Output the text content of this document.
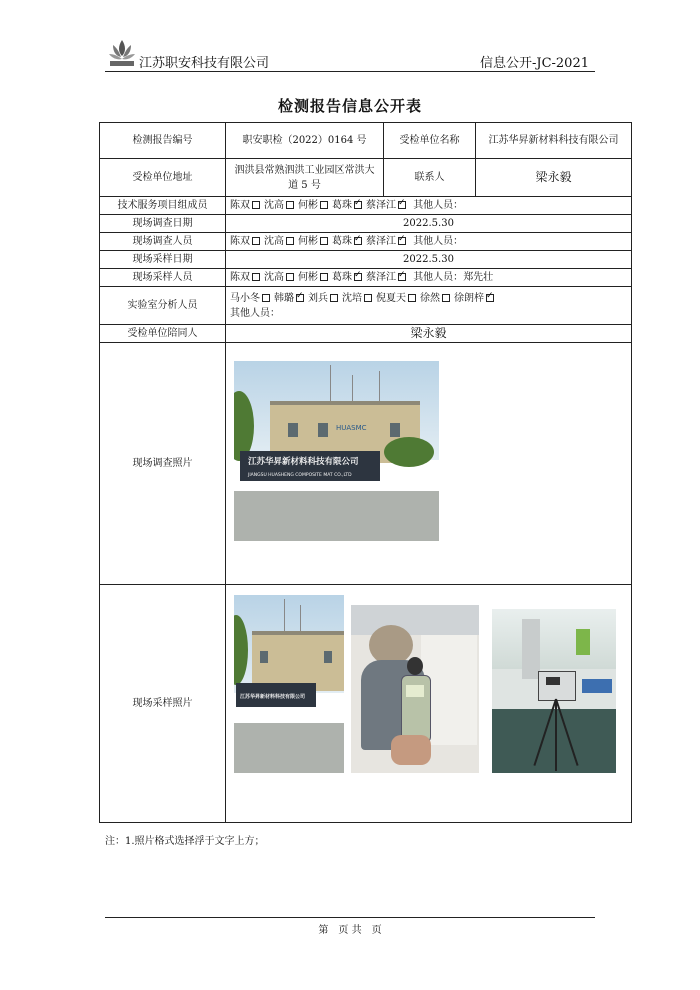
江苏职安科技有限公司	信息公开-JC-2021
检测报告信息公开表
检测报告编号	职安职检（2022）0164 号	受检单位名称	江苏华昇新材料科技有限公司
受检单位地址	泗洪县常熟泗洪工业园区常洪大道 5 号	联系人	梁永毅
技术服务项目组成员	陈双 沈高 何彬 葛珠 ✓ 蔡泽江 ✓ 其他人员：
现场调查日期	2022.5.30		
现场调查人员	陈双 沈高 何彬 葛珠 ✓ 蔡泽江 ✓ 其他人员：
现场采样日期	2022.5.30		
现场采样人员	陈双 沈高 何彬 葛珠 ✓ 蔡泽江 ✓ 其他人员：郑先壮
实验室分析人员	马小冬 韩璐 ✓ 刘兵 沈培 倪夏天 徐然 徐朗梓✓
其他人员：

受检单位陪同人	梁永毅		
现场调查照片	HUASMC
江苏华昇新材料科技有限公司
JIANGSU HUASHENG COMPOSITE MAT CO.,LTD		

现场采样照片	江苏华昇新材料科技有限公司		

注：1.照片格式选择浮于文字上方；
第　页 共　页
